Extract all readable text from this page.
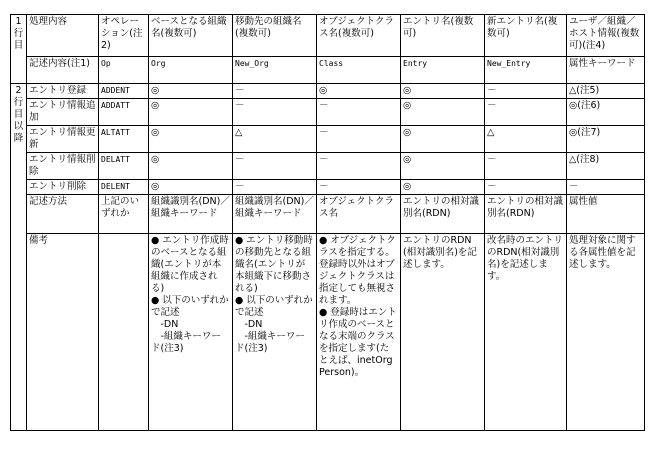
1
行
目	処理内容	オペレーション(注2)	ベースとなる組織名(複数可)	移動先の組織名(複数可)	オブジェクトクラス名(複数可)	エントリ名(複数可)	新エントリ名(複数可)	ユーザ／組織／ホスト情報(複数可)(注4)
	記述内容(注1)	Op	Org	New_Org	Class	Entry	New_Entry	属性キーワード
2
行
目
以
降	エントリ登録	ADDENT	◎	－	◎	◎	－	△(注5)
	エントリ情報追加	ADDATT	◎	－	－	◎	－	◎(注6)
	エントリ情報更新	ALTATT	◎	△	－	◎	△	◎(注7)
	エントリ情報削除	DELATT	◎	－	－	◎	－	△(注8)
	エントリ削除	DELENT	◎	－	－	◎	－	－
	記述方法	上記のいずれか	組織識別名(DN)／組織キーワード	組織識別名(DN)／組織キーワード	オブジェクトクラス名	エントリの相対識別名(RDN)	エントリの相対識別名(RDN)	属性値
	備考		● エントリ作成時のベースとなる組織(エントリが本組織に作成される)
● 以下のいずれかで記述
　-DN
　-組織キーワード(注3)	● エントリ移動時の移動先となる組織名(エントリが本組織下に移動される)
● 以下のいずれかで記述
　-DN
　-組織キーワード(注3)	● オブジェクトクラスを指定する。登録時以外はオブジェクトクラスは指定しても無視されます。
● 登録時はエントリ作成のベースとなる末端のクラスを指定します(たとえば、inetOrgPerson)。	エントリのRDN(相対識別名)を記述します。	改名時のエントリのRDN(相対識別名)を記述します。	処理対象に関する各属性値を記述します。
